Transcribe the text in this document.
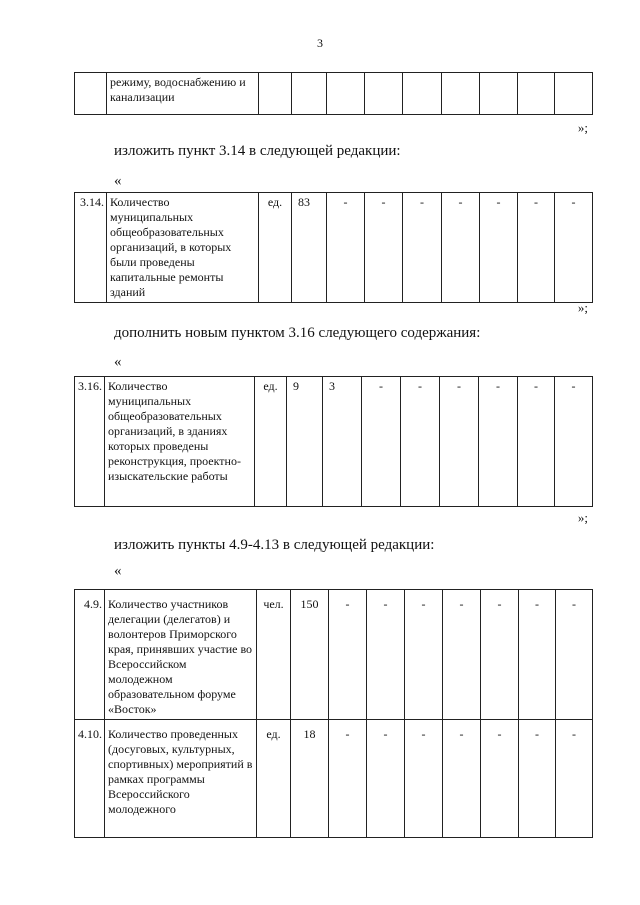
3
	режиму, водоснабжению и канализации									
»;
изложить пункт 3.14 в следующей редакции:
«
3.14.	Количество муниципальных общеобразовательных организаций, в которых были проведены капитальные ремонты зданий	ед.	83	-	-	-	-	-	-	-
»;
дополнить новым пунктом 3.16 следующего содержания:
«
3.16.	Количество муниципальных общеобразовательных организаций, в зданиях которых проведены реконструкция, проектно-изыскательские работы	ед.	9	3	-	-	-	-	-	-
»;
изложить пункты 4.9-4.13 в следующей редакции:
«
4.9.	Количество участников делегации (делегатов) и волонтеров Приморского края, принявших участие во Всероссийском молодежном образовательном форуме «Восток»	чел.	150	-	-	-	-	-	-	-
4.10.	Количество проведенных (досуговых, культурных, спортивных) мероприятий в рамках программы Всероссийского молодежного	ед.	18	-	-	-	-	-	-	-
